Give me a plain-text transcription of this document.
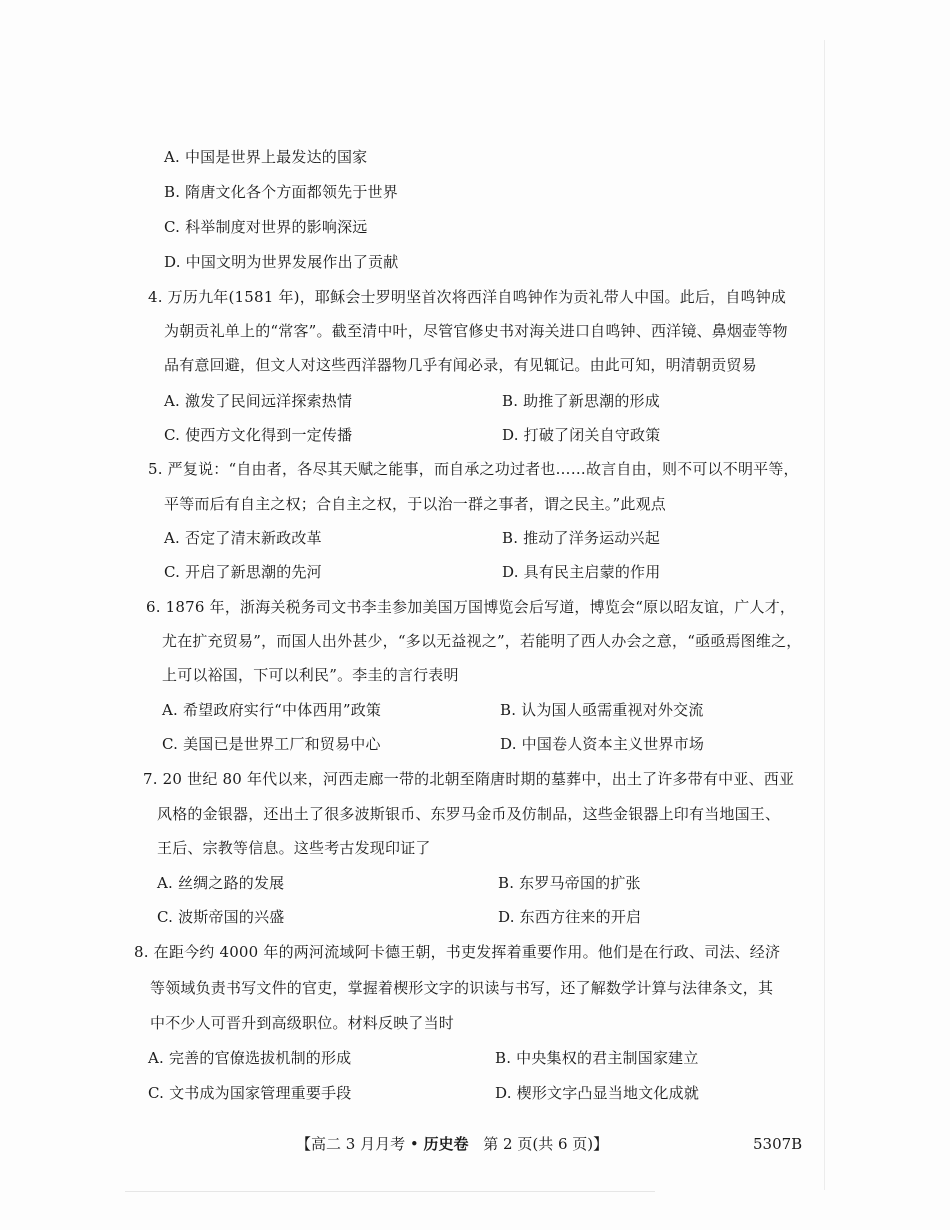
A. 中国是世界上最发达的国家
B. 隋唐文化各个方面都领先于世界
C. 科举制度对世界的影响深远
D. 中国文明为世界发展作出了贡献
4. 万历九年(1581 年)，耶稣会士罗明坚首次将西洋自鸣钟作为贡礼带人中国。此后，自鸣钟成
为朝贡礼单上的“常客”。截至清中叶，尽管官修史书对海关进口自鸣钟、西洋镜、鼻烟壶等物
品有意回避，但文人对这些西洋器物几乎有闻必录，有见辄记。由此可知，明清朝贡贸易
A. 激发了民间远洋探索热情	B. 助推了新思潮的形成
C. 使西方文化得到一定传播	D. 打破了闭关自守政策
5. 严复说：“自由者，各尽其天赋之能事，而自承之功过者也……故言自由，则不可以不明平等，
平等而后有自主之权；合自主之权，于以治一群之事者，谓之民主。”此观点
A. 否定了清末新政改革	B. 推动了洋务运动兴起
C. 开启了新思潮的先河	D. 具有民主启蒙的作用
6. 1876 年，浙海关税务司文书李圭参加美国万国博览会后写道，博览会“原以昭友谊，广人才，
尤在扩充贸易”，而国人出外甚少，“多以无益视之”，若能明了西人办会之意，“亟亟焉图维之，
上可以裕国，下可以利民”。李圭的言行表明
A. 希望政府实行“中体西用”政策	B. 认为国人亟需重视对外交流
C. 美国已是世界工厂和贸易中心	D. 中国卷人资本主义世界市场
7. 20 世纪 80 年代以来，河西走廊一带的北朝至隋唐时期的墓葬中，出土了许多带有中亚、西亚
风格的金银器，还出土了很多波斯银币、东罗马金币及仿制品，这些金银器上印有当地国王、
王后、宗教等信息。这些考古发现印证了
A. 丝绸之路的发展	B. 东罗马帝国的扩张
C. 波斯帝国的兴盛	D. 东西方往来的开启
8. 在距今约 4000 年的两河流域阿卡德王朝，书吏发挥着重要作用。他们是在行政、司法、经济
等领域负责书写文件的官吏，掌握着楔形文字的识读与书写，还了解数学计算与法律条文，其
中不少人可晋升到高级职位。材料反映了当时
A. 完善的官僚选拔机制的形成	B. 中央集权的君主制国家建立
C. 文书成为国家管理重要手段	D. 楔形文字凸显当地文化成就
【高二 3 月月考 • 历史卷 第 2 页(共 6 页)】	5307B
